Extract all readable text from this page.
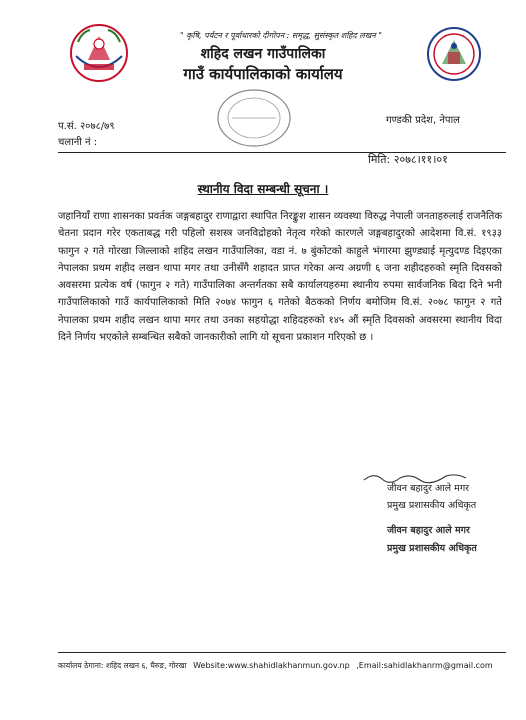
" कृषि, पर्यटन र पूर्वाधारको दीगोपन : समृद्ध, सुसंस्कृत शहिद लखन "
शहिद लखन गाउँपालिका
गाउँ कार्यपालिकाको कार्यालय
प.सं. २०७८/७९
चलानी नं :
गण्डकी प्रदेश, नेपाल
मिति: २०७८।११।०१
स्थानीय विदा सम्बन्धी सूचना ।
जहानियाँ राणा शासनका प्रवर्तक जङ्गबहादुर राणाद्वारा स्थापित निरङ्कुश शासन व्यवस्था विरुद्ध नेपाली जनताहरुलाई राजनैतिक चेतना प्रदान गरेर एकताबद्ध गरी पहिलो सशस्त्र जनविद्रोहको नेतृत्व गरेको कारणले जङ्गबहादुरको आदेशमा वि.सं. १९३३ फागुन २ गते गोरखा जिल्लाको शहिद लखन गाउँपालिका, वडा नं. ७ बुंकोटको काहुले भंगारमा झुण्ड्याई मृत्युदण्ड दिइएका नेपालका प्रथम शहीद लखन थापा मगर तथा उनीसँगै शहादत प्राप्त गरेका अन्य अग्रणी ६ जना शहीदहरुको स्मृति दिवसको अवसरमा प्रत्येक वर्ष (फागुन २ गते) गाउँपालिका अन्तर्गतका सबै कार्यालयहरुमा स्थानीय रुपमा सार्वजनिक बिदा दिने भनी गाउँपालिकाको गाउँ कार्यपालिकाको मिति २०७४ फागुन ६ गतेको बैठकको निर्णय बमोजिम वि.सं. २०७८ फागुन २ गते नेपालका प्रथम शहीद लखन थापा मगर तथा उनका सहयोद्धा शहिदहरुको १४५ औं स्मृति दिवसको अवसरमा स्थानीय विदा दिने निर्णय भएकोले सम्बन्धित सबैको जानकारीको लागि यो सूचना प्रकाशन गरिएको छ ।
जीवन बहादुर आले मगर
प्रमुख प्रशासकीय अधिकृत
जीवन बहादुर आले मगर
प्रमुख प्रशासकीय अधिकृत
कार्यालय ठेगाना: शहिद लखन ६, घैरुङ, गोरखा Website:www.shahidlakhanmun.gov.np ,Email:sahidlakhanrm@gmail.com
